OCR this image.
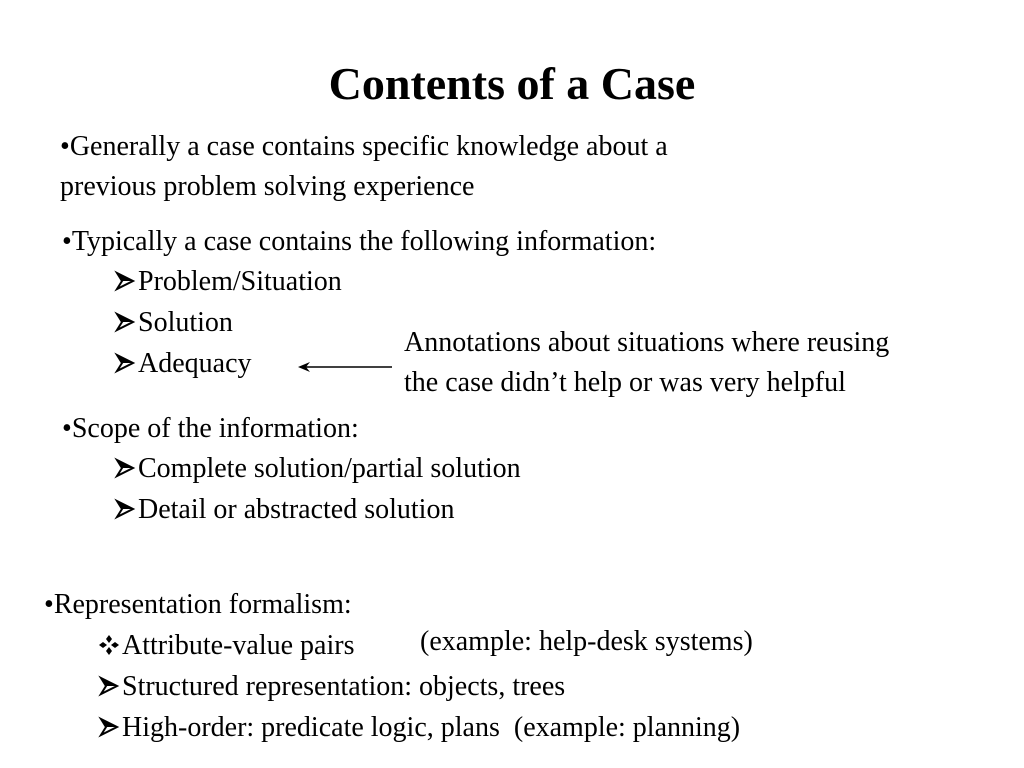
Contents of a Case
•Generally a case contains specific knowledge about a
previous problem solving experience
•Typically a case contains the following information:
Problem/Situation
Solution
Adequacy
Annotations about situations where reusing
the case didn’t help or was very helpful
•Scope of the information:
Complete solution/partial solution
Detail or abstracted solution
•Representation formalism:
Attribute-value pairs (example: help-desk systems)
Structured representation: objects, trees
High-order: predicate logic, plans  (example: planning)
